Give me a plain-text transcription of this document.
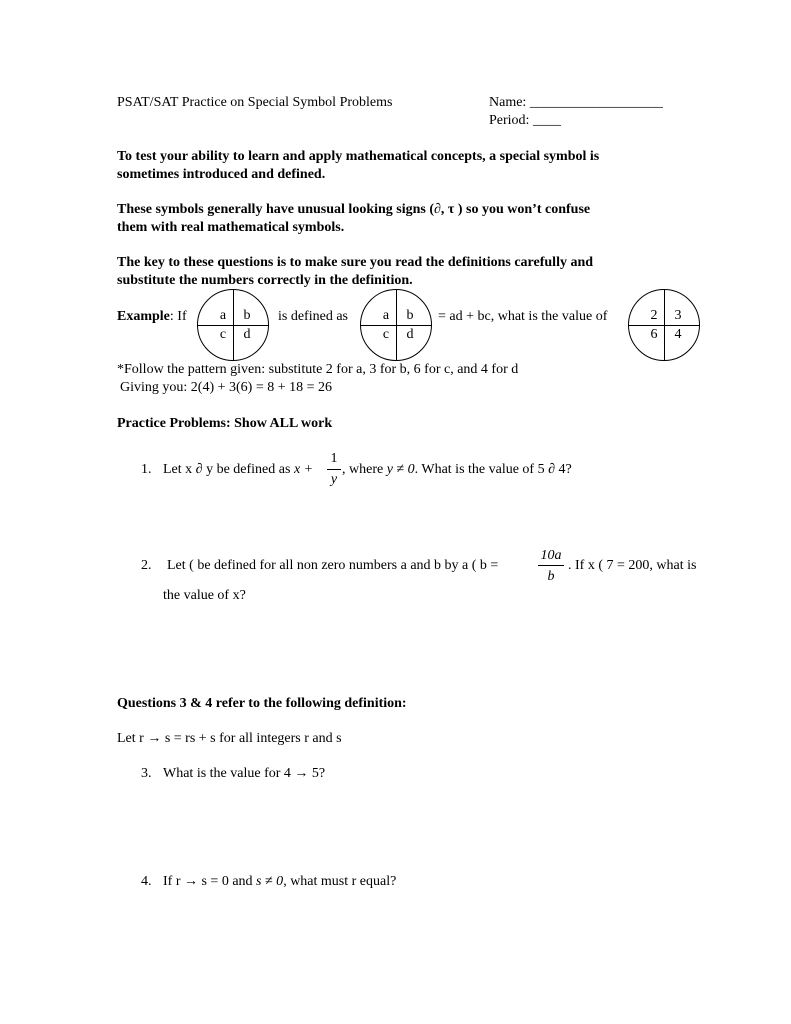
PSAT/SAT Practice on Special Symbol Problems	Name: ___________________
Period: ____
To test your ability to learn and apply mathematical concepts, a special symbol is
sometimes introduced and defined.
These symbols generally have unusual looking signs (∂, τ ) so you won’t confuse
them with real mathematical symbols.
The key to these questions is to make sure you read the definitions carefully and
substitute the numbers correctly in the definition.
Example: If	a	b
c	d
is defined as	a	b
c	d
= ad + bc, what is the value of	2	3
6	4
*Follow the pattern given: substitute 2 for a, 3 for b, 6 for c, and 4 for d
Giving you: 2(4) + 3(6) = 8 + 18 = 26
Practice Problems: Show ALL work
1. Let x ∂ y be defined as x +
1
y
, where y ≠ 0. What is the value of 5 ∂ 4?
2. Let ( be defined for all non zero numbers a and b by a ( b =
10a
b
. If x ( 7 = 200, what is
the value of x?
Questions 3 & 4 refer to the following definition:
Let r → s = rs + s for all integers r and s
3. What is the value for 4 → 5?
4. If r → s = 0 and s ≠ 0, what must r equal?
